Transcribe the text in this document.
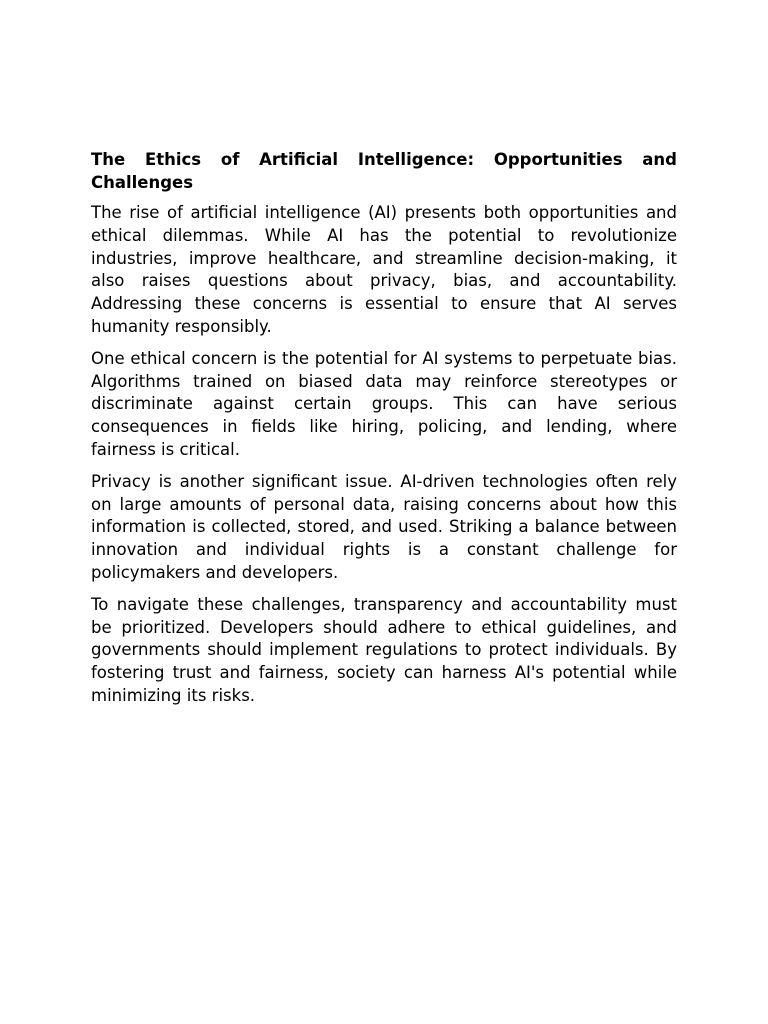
The Ethics of Artificial Intelligence: Opportunities and Challenges

The rise of artificial intelligence (AI) presents both opportunities and ethical dilemmas. While AI has the potential to revolutionize industries, improve healthcare, and streamline decision-making, it also raises questions about privacy, bias, and accountability. Addressing these concerns is essential to ensure that AI serves humanity responsibly.

One ethical concern is the potential for AI systems to perpetuate bias. Algorithms trained on biased data may reinforce stereotypes or discriminate against certain groups. This can have serious consequences in fields like hiring, policing, and lending, where fairness is critical.

Privacy is another significant issue. AI-driven technologies often rely on large amounts of personal data, raising concerns about how this information is collected, stored, and used. Striking a balance between innovation and individual rights is a constant challenge for policymakers and developers.

To navigate these challenges, transparency and accountability must be prioritized. Developers should adhere to ethical guidelines, and governments should implement regulations to protect individuals. By fostering trust and fairness, society can harness AI's potential while minimizing its risks.
